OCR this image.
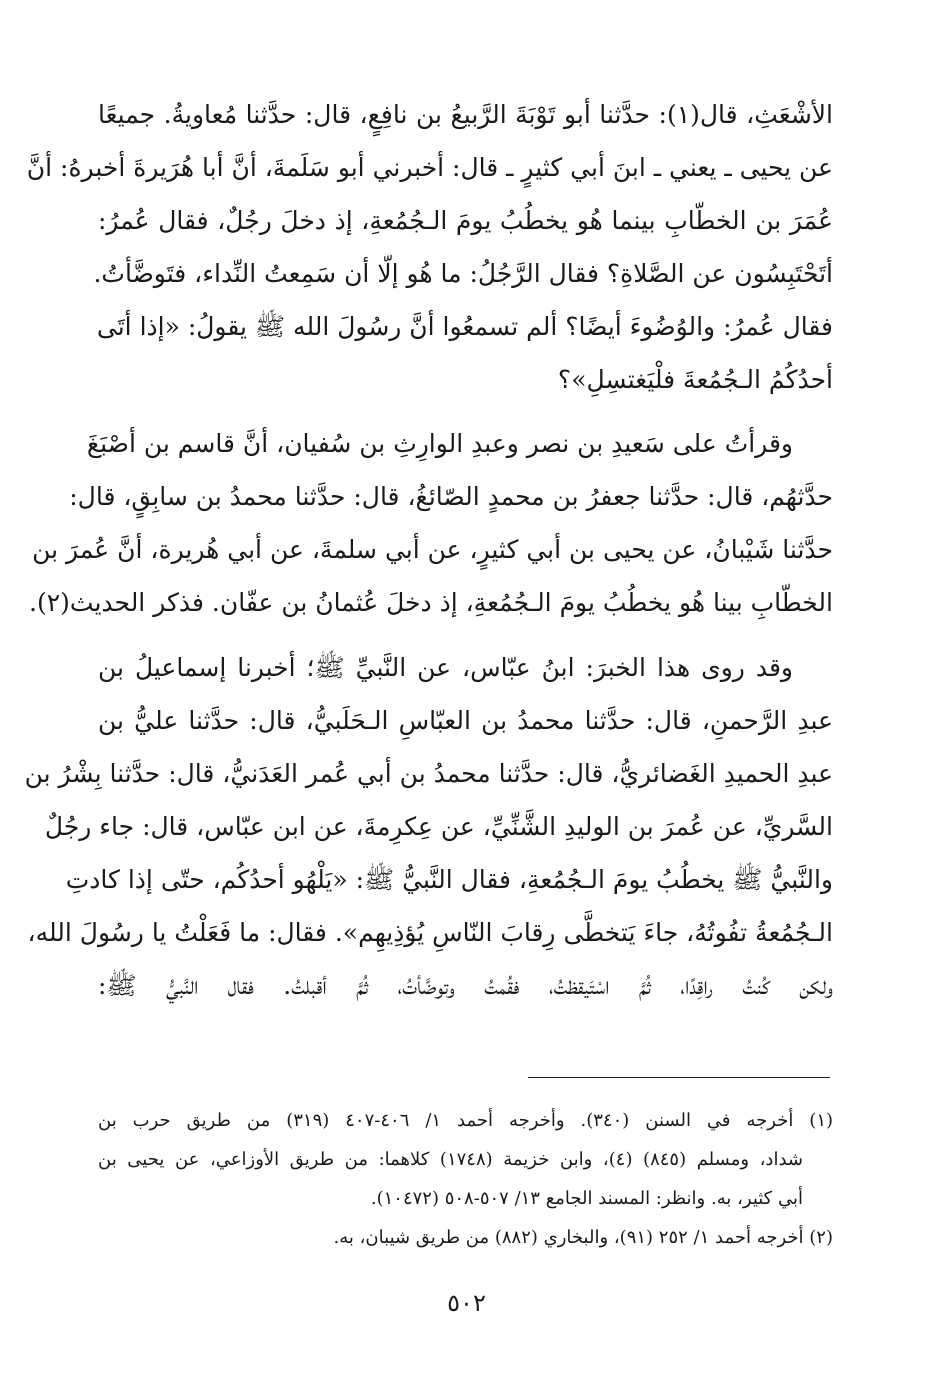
الأشْعَثِ، قال(١): حدَّثنا أبو تَوْبَةَ الرَّبيعُ بن نافِعٍ، قال: حدَّثنا مُعاويةُ. جميعًا
عن يحيى ـ يعني ـ ابنَ أبي كثيرٍ ـ قال: أخبرني أبو سَلَمةَ، أنَّ أبا هُرَيرةَ أخبرهُ: أنَّ
عُمَرَ بن الخطّابِ بينما هُو يخطُبُ يومَ الـجُمُعةِ، إذ دخلَ رجُلٌ، فقال عُمرُ:
أتَحْتَبِسُون عن الصَّلاةِ؟ فقال الرَّجُلُ: ما هُو إلّا أن سَمِعتُ النِّداء، فتَوضَّأتُ.
فقال عُمرُ: والوُضُوءَ أيضًا؟ ألم تسمعُوا أنَّ رسُولَ الله ﷺ يقولُ: «إذا أتَى
أحدُكُمُ الـجُمُعةَ فلْيَغتسِلِ»؟
وقرأتُ على سَعيدِ بن نصر وعبدِ الوارِثِ بن سُفيان، أنَّ قاسم بن أصْبَغَ
حدَّثهُم، قال: حدَّثنا جعفرُ بن محمدٍ الصّائغُ، قال: حدَّثنا محمدُ بن سابِقٍ، قال:
حدَّثنا شَيْبانُ، عن يحيى بن أبي كثيرٍ، عن أبي سلمةَ، عن أبي هُريرة، أنَّ عُمرَ بن
الخطّابِ بينا هُو يخطُبُ يومَ الـجُمُعةِ، إذ دخلَ عُثمانُ بن عفّان. فذكر الحديث(٢).
وقد روى هذا الخبرَ: ابنُ عبّاس، عن النَّبيِّ ﷺ؛ أخبرنا إسماعيلُ بن
عبدِ الرَّحمنِ، قال: حدَّثنا محمدُ بن العبّاسِ الـحَلَبيُّ، قال: حدَّثنا عليُّ بن
عبدِ الحميدِ الغَضائريُّ، قال: حدَّثنا محمدُ بن أبي عُمر العَدَنيُّ، قال: حدَّثنا بِشْرُ بن
السَّريِّ، عن عُمرَ بن الوليدِ الشَّنِّيِّ، عن عِكرِمةَ، عن ابن عبّاس، قال: جاء رجُلٌ
والنَّبيُّ ﷺ يخطُبُ يومَ الـجُمُعةِ، فقال النَّبيُّ ﷺ: «يَلْهُو أحدُكُم، حتّى إذا كادتِ
الـجُمُعةُ تفُوتُهُ، جاءَ يَتخطَّى رِقابَ النّاسِ يُؤذِيهِم». فقال: ما فَعَلْتُ يا رسُولَ الله،
ولكن كُنتُ راقِدًا، ثُمَّ اسْتَيقظتُ، فقُمتُ وتوضَّأتُ، ثُمَّ أقبلتُ. فقال النَّبيُّ ﷺ:
(١) أخرجه في السنن (٣٤٠). وأخرجه أحمد ١/ ٤٠٦-٤٠٧ (٣١٩) من طريق حرب بن
شداد، ومسلم (٨٤٥) (٤)، وابن خزيمة (١٧٤٨) كلاهما: من طريق الأوزاعي، عن يحيى بن
أبي كثير، به. وانظر: المسند الجامع ١٣/ ٥٠٧-٥٠٨ (١٠٤٧٢).
(٢) أخرجه أحمد ١/ ٢٥٢ (٩١)، والبخاري (٨٨٢) من طريق شيبان، به.
٥٠٢
